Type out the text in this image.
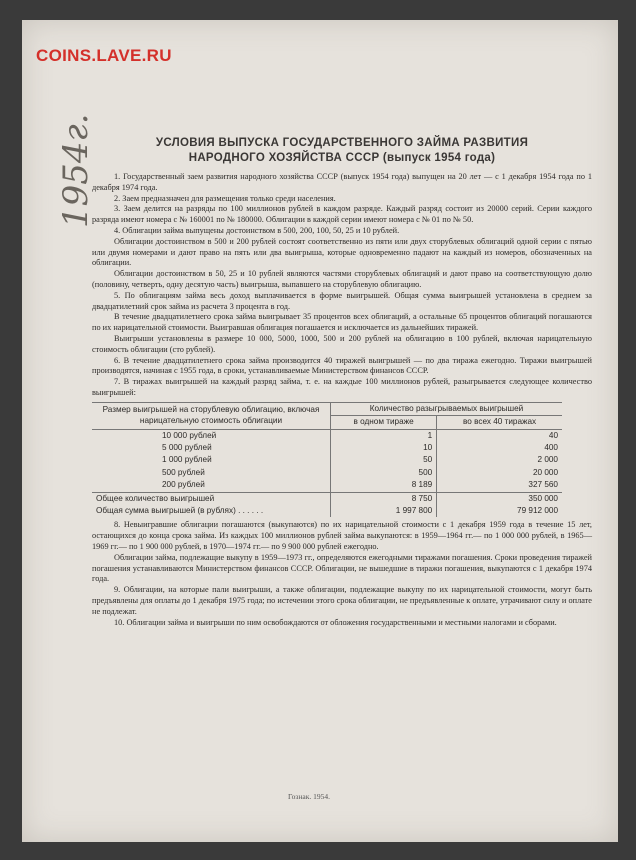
COINS.LAVE.RU
1954г.	УСЛОВИЯ ВЫПУСКА ГОСУДАРСТВЕННОГО ЗАЙМА РАЗВИТИЯ
НАРОДНОГО ХОЗЯЙСТВА СССР (выпуск 1954 года)

1. Государственный заем развития народного хозяйства СССР (выпуск 1954 года) выпущен на 20 лет — с 1 декабря 1954 года по 1 декабря 1974 года.

2. Заем предназначен для размещения только среди населения.

3. Заем делится на разряды по 100 миллионов рублей в каждом разряде. Каждый разряд состоит из 20000 серий. Серии каждого разряда имеют номера с № 160001 по № 180000. Облигации в каждой серии имеют номера с № 01 по № 50.

4. Облигации займа выпущены достоинством в 500, 200, 100, 50, 25 и 10 рублей.

Облигации достоинством в 500 и 200 рублей состоят соответственно из пяти или двух сторублевых облигаций одной серии с пятью или двумя номерами и дают право на пять или два выигрыша, которые одновременно падают на каждый из номеров, обозначенных на облигации.

Облигации достоинством в 50, 25 и 10 рублей являются частями сторублевых облигаций и дают право на соответствующую долю (половину, четверть, одну десятую часть) выигрыша, выпавшего на сторублевую облигацию.

5. По облигациям займа весь доход выплачивается в форме выигрышей. Общая сумма выигрышей установлена в среднем за двадцатилетний срок займа из расчета 3 процента в год.

В течение двадцатилетнего срока займа выигрывает 35 процентов всех облигаций, а остальные 65 процентов облигаций погашаются по их нарицательной стоимости. Выигравшая облигация погашается и исключается из дальнейших тиражей.

Выигрыши установлены в размере 10 000, 5000, 1000, 500 и 200 рублей на облигацию в 100 рублей, включая нарицательную стоимость облигации (сто рублей).

6. В течение двадцатилетнего срока займа производится 40 тиражей выигрышей — по два тиража ежегодно. Тиражи выигрышей производятся, начиная с 1955 года, в сроки, устанавливаемые Министерством финансов СССР.

7. В тиражах выигрышей на каждый разряд займа, т. е. на каждые 100 миллионов рублей, разыгрывается следующее количество выигрышей:

Размер выигрышей на сторублевую облигацию, включая нарицательную стоимость облигации	Количество разыгрываемых выигрышей	
	в одном тираже	во всех 40 тиражах
10 000 рублей	1	40
5 000 рублей	10	400
1 000 рублей	50	2 000
500 рублей	500	20 000
200 рублей	8 189	327 560
Общее количество выигрышей	8 750	350 000
Общая сумма выигрышей (в рублях) . . . . . .	1 997 800	79 912 000

8. Невыигравшие облигации погашаются (выкупаются) по их нарицательной стоимости с 1 декабря 1959 года в течение 15 лет, остающихся до конца срока займа. Из каждых 100 миллионов рублей займа выкупаются: в 1959—1964 гг.— по 1 000 000 рублей, в 1965—1969 гг.— по 1 900 000 рублей, в 1970—1974 гг.— по 9 900 000 рублей ежегодно.

Облигации займа, подлежащие выкупу в 1959—1973 гг., определяются ежегодными тиражами погашения. Сроки проведения тиражей погашения устанавливаются Министерством финансов СССР. Облигации, не вышедшие в тиражи погашения, выкупаются с 1 декабря 1974 года.

9. Облигации, на которые пали выигрыши, а также облигации, подлежащие выкупу по их нарицательной стоимости, могут быть предъявлены для оплаты до 1 декабря 1975 года; по истечении этого срока облигации, не предъявленные к оплате, утрачивают силу и оплате не подлежат.

10. Облигации займа и выигрыши по ним освобождаются от обложения государственными и местными налогами и сборами.

Гознак. 1954.
